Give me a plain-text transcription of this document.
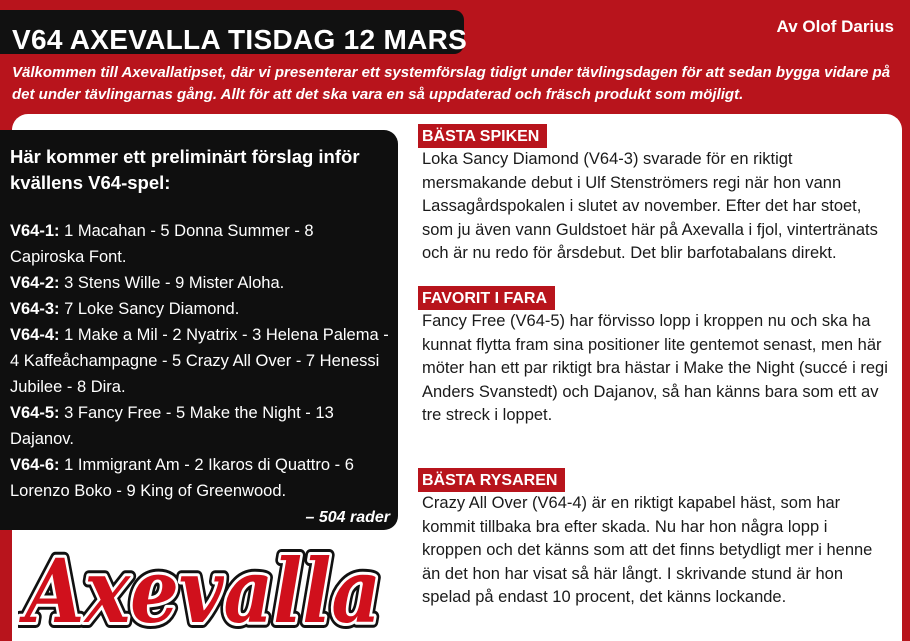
V64 AXEVALLA TISDAG 12 MARS	Av Olof Darius
Välkommen till Axevallatipset, där vi presenterar ett systemförslag tidigt under tävlingsdagen för att sedan bygga vidare på det under tävlingarnas gång. Allt för att det ska vara en så uppdaterad och fräsch produkt som möjligt.
Här kommer ett preliminärt förslag inför kvällens V64-spel:

V64-1: 1 Macahan - 5 Donna Summer - 8 Capiroska Font.

V64-2: 3 Stens Wille - 9 Mister Aloha.

V64-3: 7 Loke Sancy Diamond.

V64-4: 1 Make a Mil - 2 Nyatrix - 3 Helena Palema - 4 Kaffeåchampagne - 5 Crazy All Over - 7 Henessi Jubilee - 8 Dira.

V64-5: 3 Fancy Free - 5 Make the Night - 13 Dajanov.

V64-6: 1 Immigrant Am - 2 Ikaros di Quattro - 6 Lorenzo Boko - 9 King of Greenwood.

– 504 rader
BÄSTA SPIKEN

Loka Sancy Diamond (V64-3) svarade för en riktigt mersmakande debut i Ulf Stenströmers regi när hon vann Lassagårdspokalen i slutet av november. Efter det har stoet, som ju även vann Guldstoet här på Axevalla i fjol, vintertränats och är nu redo för årsdebut. Det blir barfotabalans direkt.

FAVORIT I FARA

Fancy Free (V64-5) har förvisso lopp i kroppen nu och ska ha kunnat flytta fram sina positioner lite gentemot senast, men här möter han ett par riktigt bra hästar i Make the Night (succé i regi Anders Svanstedt) och Dajanov, så han känns bara som ett av tre streck i loppet.

BÄSTA RYSAREN

Crazy All Over (V64-4) är en riktigt kapabel häst, som har kommit tillbaka bra efter skada. Nu har hon några lopp i kroppen och det känns som att det finns betydligt mer i henne än det hon har visat så här långt. I skrivande stund är hon spelad på endast 10 procent, det känns lockande.

Axevalla
Axevalla
Axevalla
